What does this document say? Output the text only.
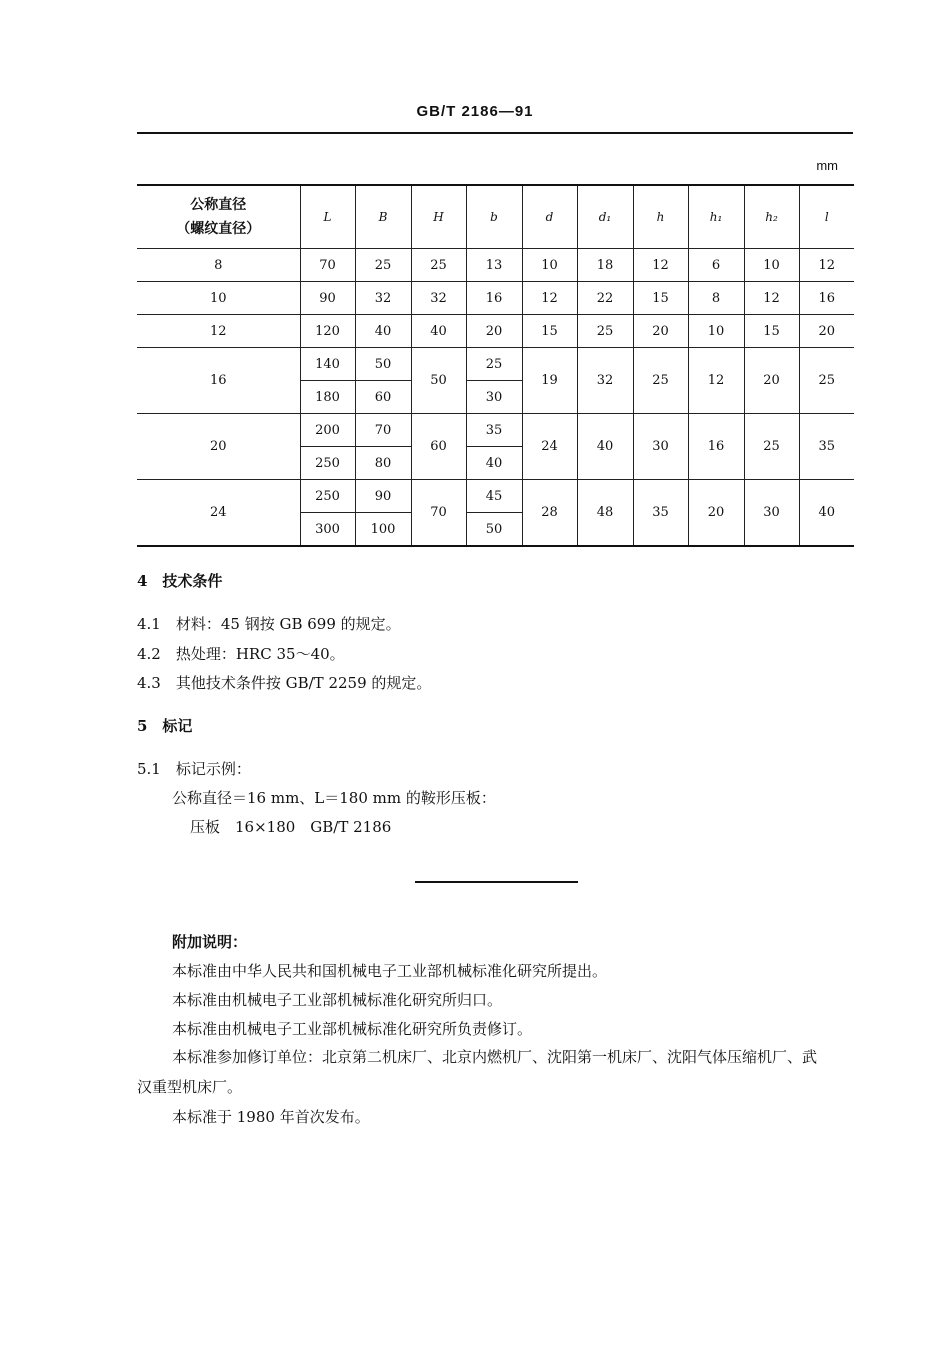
GB/T 2186—91
mm
公称直径
（螺纹直径）	L	B	H	b	d	d₁	h	h₁	h₂	l
8	70	25	25	13	10	18	12	6	10	12
10	90	32	32	16	12	22	15	8	12	16
12	120	40	40	20	15	25	20	10	15	20
16	140	50	50	25	19	32	25	12	20	25
	180	60		30						
20	200	70	60	35	24	40	30	16	25	35
	250	80		40						
24	250	90	70	45	28	48	35	20	30	40
	300	100		50						
4　技术条件
4.1　材料：45 钢按 GB 699 的规定。
4.2　热处理：HRC 35～40。
4.3　其他技术条件按 GB/T 2259 的规定。
5　标记
5.1　标记示例：
公称直径＝16 mm、L＝180 mm 的鞍形压板：
压板　16×180　GB/T 2186
附加说明：
本标准由中华人民共和国机械电子工业部机械标准化研究所提出。
本标准由机械电子工业部机械标准化研究所归口。
本标准由机械电子工业部机械标准化研究所负责修订。
本标准参加修订单位：北京第二机床厂、北京内燃机厂、沈阳第一机床厂、沈阳气体压缩机厂、武汉重型机床厂。
本标准于 1980 年首次发布。
